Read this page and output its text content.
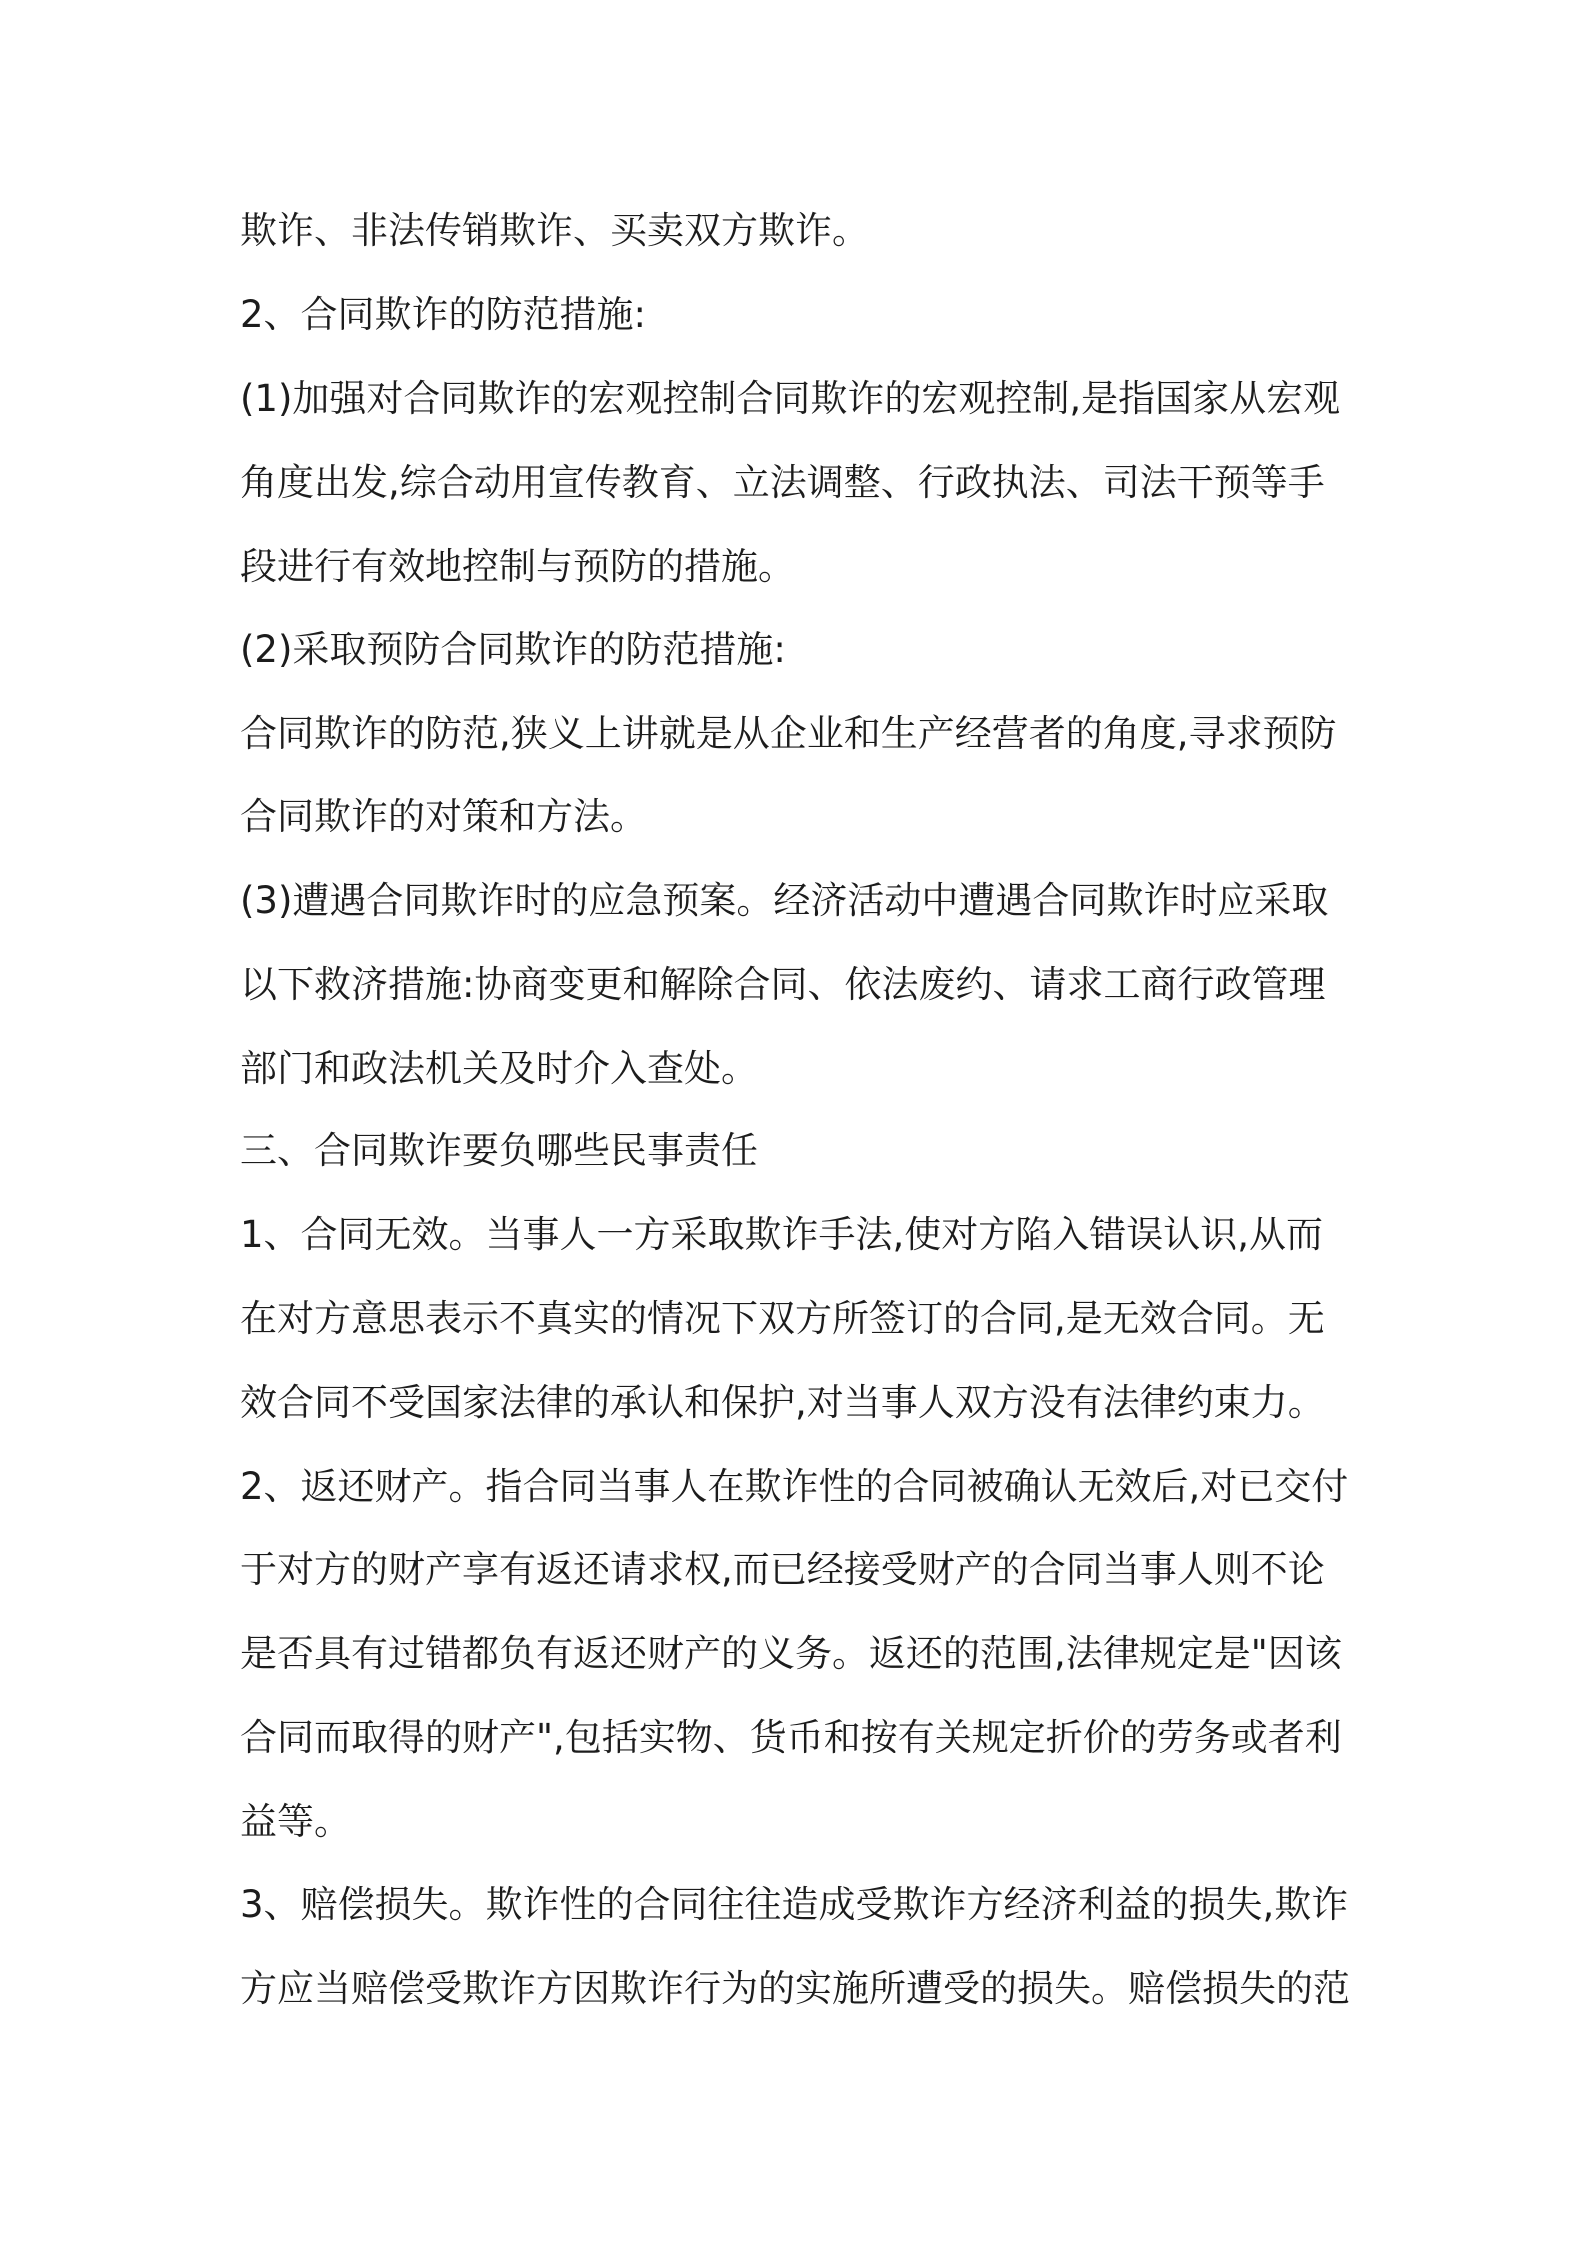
欺诈、非法传销欺诈、买卖双方欺诈。
2、合同欺诈的防范措施:
(1)加强对合同欺诈的宏观控制合同欺诈的宏观控制,是指国家从宏观
角度出发,综合动用宣传教育、立法调整、行政执法、司法干预等手
段进行有效地控制与预防的措施。
(2)采取预防合同欺诈的防范措施:
合同欺诈的防范,狭义上讲就是从企业和生产经营者的角度,寻求预防
合同欺诈的对策和方法。
(3)遭遇合同欺诈时的应急预案。经济活动中遭遇合同欺诈时应采取
以下救济措施:协商变更和解除合同、依法废约、请求工商行政管理
部门和政法机关及时介入查处。
三、合同欺诈要负哪些民事责任
1、合同无效。当事人一方采取欺诈手法,使对方陷入错误认识,从而
在对方意思表示不真实的情况下双方所签订的合同,是无效合同。无
效合同不受国家法律的承认和保护,对当事人双方没有法律约束力。
2、返还财产。指合同当事人在欺诈性的合同被确认无效后,对已交付
于对方的财产享有返还请求权,而已经接受财产的合同当事人则不论
是否具有过错都负有返还财产的义务。返还的范围,法律规定是"因该
合同而取得的财产",包括实物、货币和按有关规定折价的劳务或者利
益等。
3、赔偿损失。欺诈性的合同往往造成受欺诈方经济利益的损失,欺诈
方应当赔偿受欺诈方因欺诈行为的实施所遭受的损失。赔偿损失的范
